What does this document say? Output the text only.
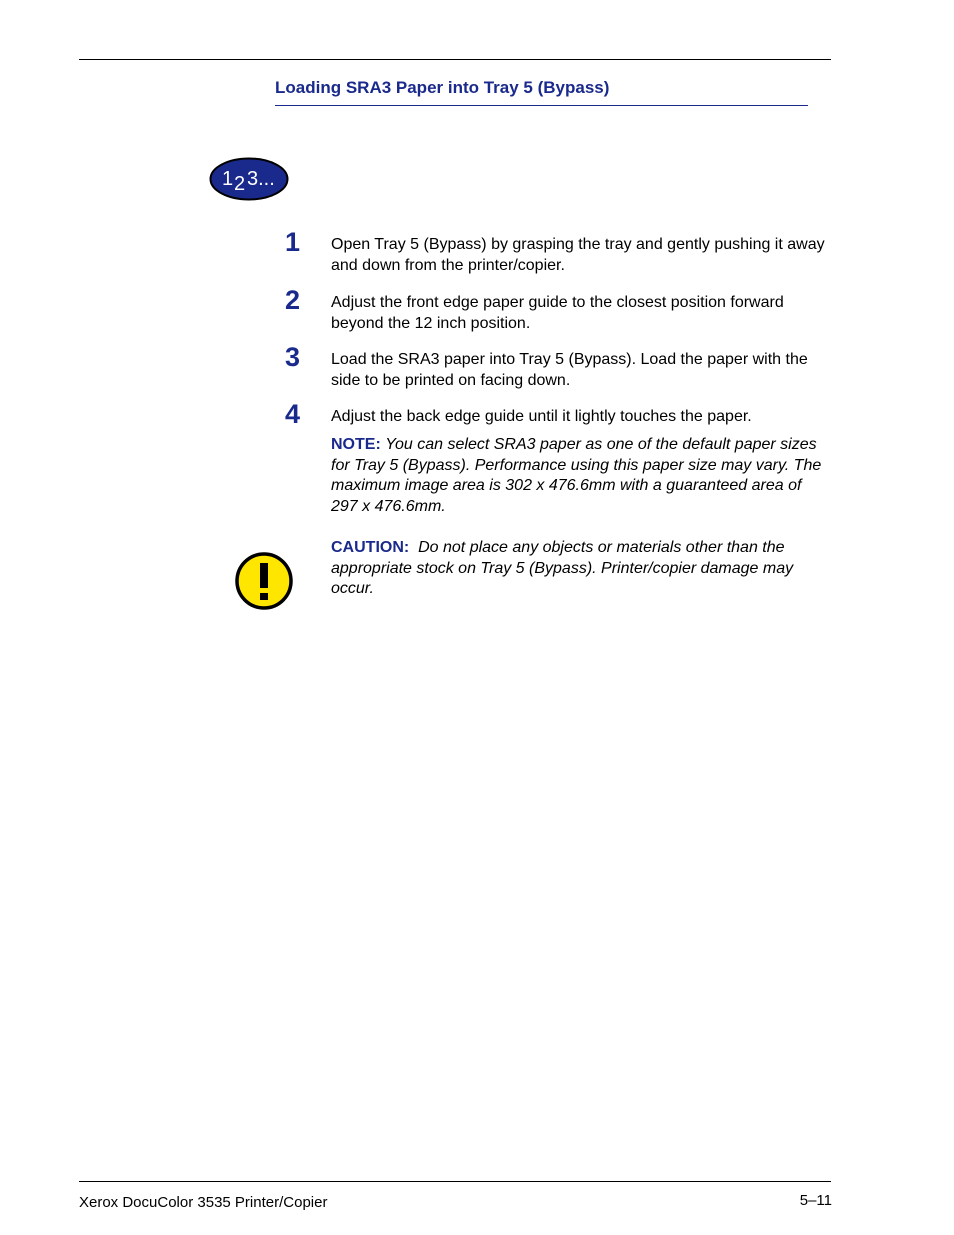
Loading SRA3 Paper into Tray 5 (Bypass)
1 2 3...
1 Open Tray 5 (Bypass) by grasping the tray and gently pushing it away and down from the printer/copier.
2 Adjust the front edge paper guide to the closest position forward beyond the 12 inch position.
3 Load the SRA3 paper into Tray 5 (Bypass). Load the paper with the side to be printed on facing down.
4 Adjust the back edge guide until it lightly touches the paper.
NOTE: You can select SRA3 paper as one of the default paper sizes for Tray 5 (Bypass). Performance using this paper size may vary. The maximum image area is 302 x 476.6mm with a guaranteed area of 297 x 476.6mm.
CAUTION: Do not place any objects or materials other than the appropriate stock on Tray 5 (Bypass). Printer/copier damage may occur.
Xerox DocuColor 3535 Printer/Copier	5–11
